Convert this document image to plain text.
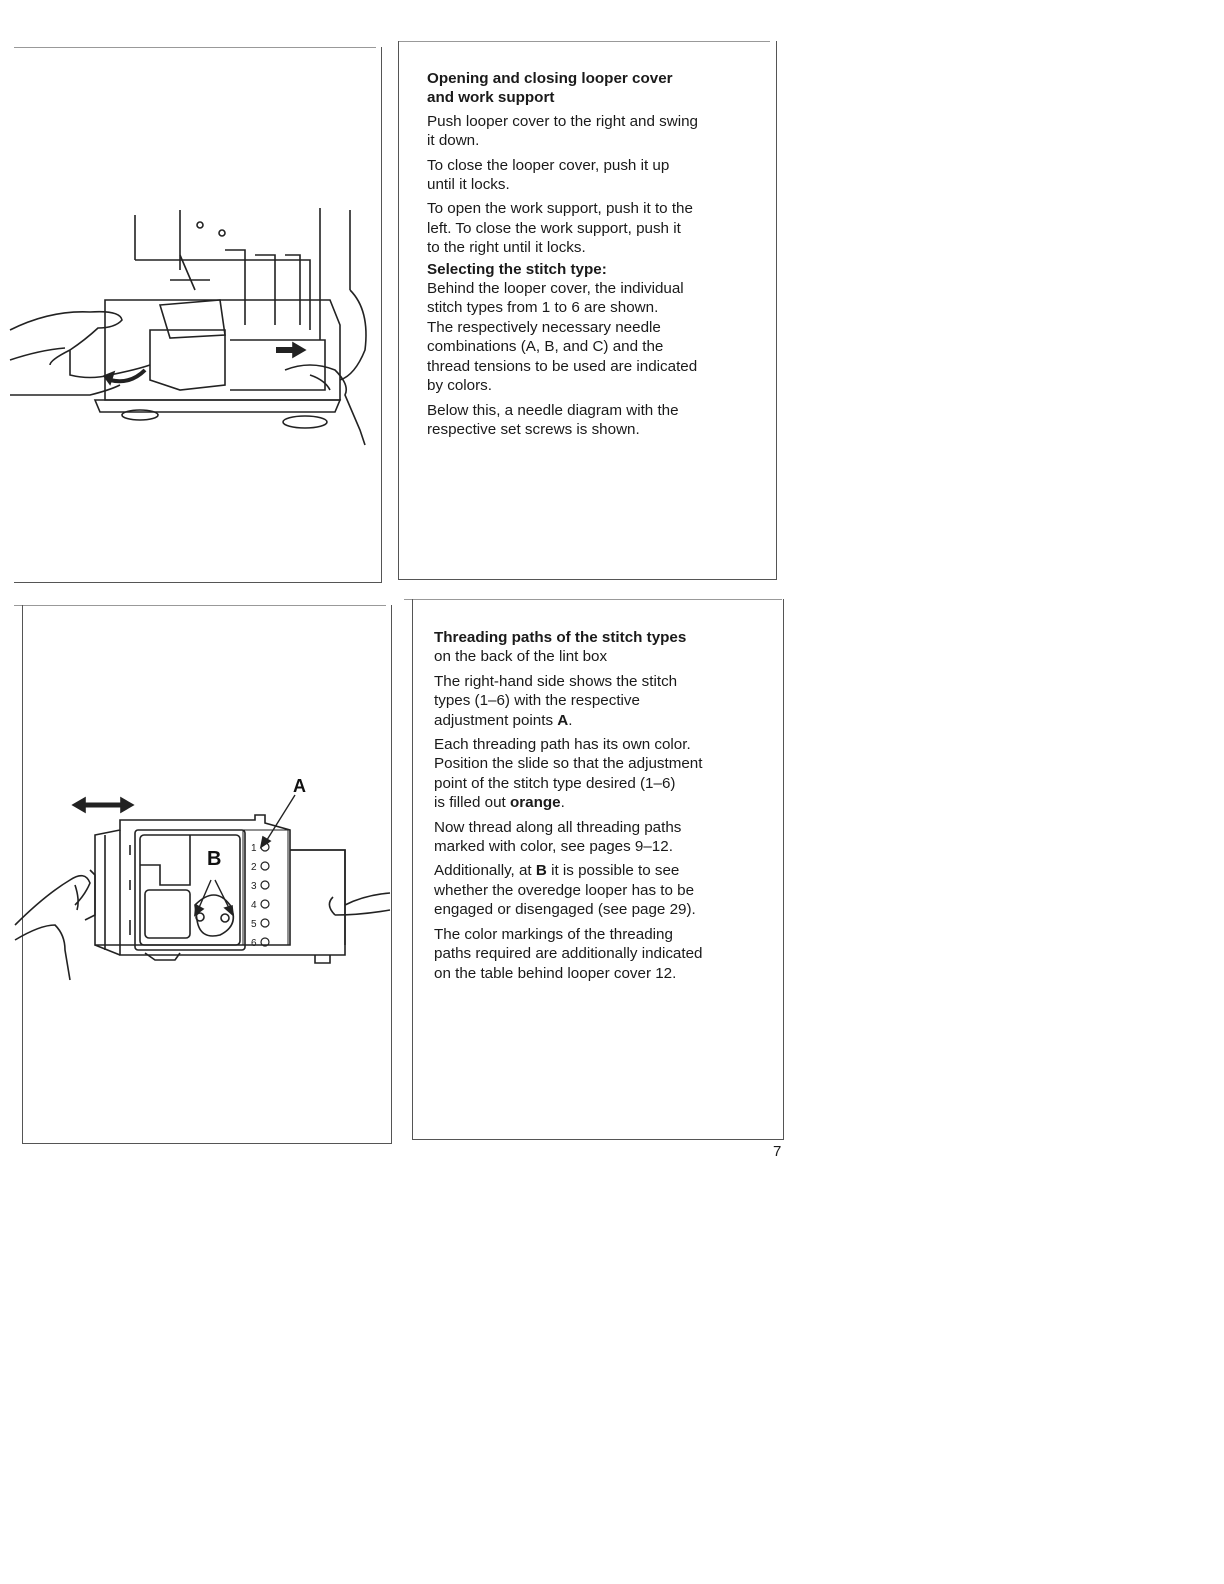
Opening and closing looper cover
and work support

Push looper cover to the right and swing
it down.

To close the looper cover, push it up
until it locks.

To open the work support, push it to the
left. To close the work support, push it
to the right until it locks.

Selecting the stitch type:

Behind the looper cover, the individual
stitch types from 1 to 6 are shown.
The respectively necessary needle
combinations (A, B, and C) and the
thread tensions to be used are indicated
by colors.

Below this, a needle diagram with the
respective set screws is shown.

A
B	1
2
3
4
5
6

Threading paths of the stitch types
on the back of the lint box

The right-hand side shows the stitch
types (1–6) with the respective
adjustment points A.

Each threading path has its own color.
Position the slide so that the adjustment
point of the stitch type desired (1–6)
is filled out orange.

Now thread along all threading paths
marked with color, see pages 9–12.

Additionally, at B it is possible to see
whether the overedge looper has to be
engaged or disengaged (see page 29).

The color markings of the threading
paths required are additionally indicated
on the table behind looper cover 12.

7
